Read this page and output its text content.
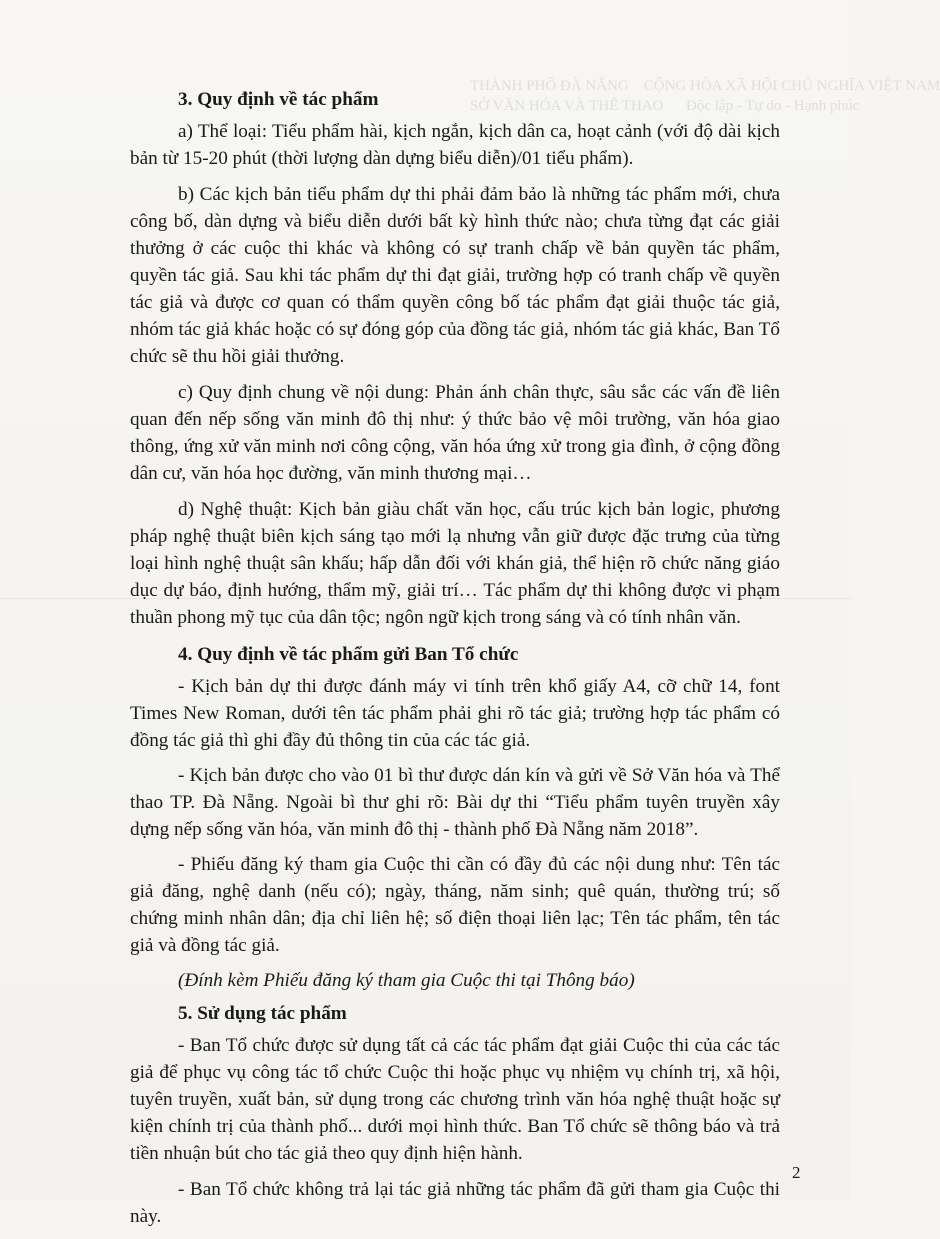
THÀNH PHỐ ĐÀ NẴNG    CỘNG HÒA XÃ HỘI CHỦ NGHĨA VIỆT NAM
SỞ VĂN HÓA VÀ THỂ THAO      Độc lập - Tự do - Hạnh phúc
3. Quy định về tác phẩm
a) Thể loại: Tiểu phẩm hài, kịch ngắn, kịch dân ca, hoạt cảnh (với độ dài kịch bản từ 15-20 phút (thời lượng dàn dựng biểu diễn)/01 tiểu phẩm).
b) Các kịch bản tiểu phẩm dự thi phải đảm bảo là những tác phẩm mới, chưa công bố, dàn dựng và biểu diễn dưới bất kỳ hình thức nào; chưa từng đạt các giải thưởng ở các cuộc thi khác và không có sự tranh chấp về bản quyền tác phẩm, quyền tác giả. Sau khi tác phẩm dự thi đạt giải, trường hợp có tranh chấp về quyền tác giả và được cơ quan có thẩm quyền công bố tác phẩm đạt giải thuộc tác giả, nhóm tác giả khác hoặc có sự đóng góp của đồng tác giả, nhóm tác giả khác, Ban Tổ chức sẽ thu hồi giải thưởng.
c) Quy định chung về nội dung: Phản ánh chân thực, sâu sắc các vấn đề liên quan đến nếp sống văn minh đô thị như: ý thức bảo vệ môi trường, văn hóa giao thông, ứng xử văn minh nơi công cộng, văn hóa ứng xử trong gia đình, ở cộng đồng dân cư, văn hóa học đường, văn minh thương mại…
d) Nghệ thuật: Kịch bản giàu chất văn học, cấu trúc kịch bản logic, phương pháp nghệ thuật biên kịch sáng tạo mới lạ nhưng vẫn giữ được đặc trưng của từng loại hình nghệ thuật sân khấu; hấp dẫn đối với khán giả, thể hiện rõ chức năng giáo dục dự báo, định hướng, thẩm mỹ, giải trí… Tác phẩm dự thi không được vi phạm thuần phong mỹ tục của dân tộc; ngôn ngữ kịch trong sáng và có tính nhân văn.
4. Quy định về tác phẩm gửi Ban Tổ chức
- Kịch bản dự thi được đánh máy vi tính trên khổ giấy A4, cỡ chữ 14, font Times New Roman, dưới tên tác phẩm phải ghi rõ tác giả; trường hợp tác phẩm có đồng tác giả thì ghi đầy đủ thông tin của các tác giả.
- Kịch bản được cho vào 01 bì thư được dán kín và gửi về Sở Văn hóa và Thể thao TP. Đà Nẵng. Ngoài bì thư ghi rõ: Bài dự thi “Tiểu phẩm tuyên truyền xây dựng nếp sống văn hóa, văn minh đô thị - thành phố Đà Nẵng năm 2018”.
- Phiếu đăng ký tham gia Cuộc thi cần có đầy đủ các nội dung như: Tên tác giả đăng, nghệ danh (nếu có); ngày, tháng, năm sinh; quê quán, thường trú; số chứng minh nhân dân; địa chỉ liên hệ; số điện thoại liên lạc; Tên tác phẩm, tên tác giả và đồng tác giả.
(Đính kèm Phiếu đăng ký tham gia Cuộc thi tại Thông báo)
5. Sử dụng tác phẩm
- Ban Tổ chức được sử dụng tất cả các tác phẩm đạt giải Cuộc thi của các tác giả để phục vụ công tác tổ chức Cuộc thi hoặc phục vụ nhiệm vụ chính trị, xã hội, tuyên truyền, xuất bản, sử dụng trong các chương trình văn hóa nghệ thuật hoặc sự kiện chính trị của thành phố... dưới mọi hình thức. Ban Tổ chức sẽ thông báo và trả tiền nhuận bút cho tác giả theo quy định hiện hành.
- Ban Tổ chức không trả lại tác giả những tác phẩm đã gửi tham gia Cuộc thi này.
2
